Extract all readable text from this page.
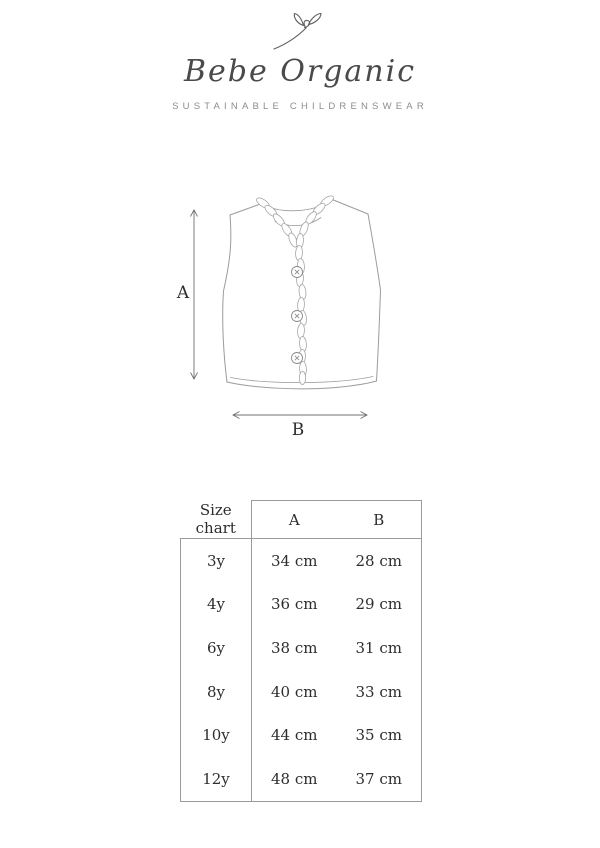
Bebe Organic
SUSTAINABLE CHILDRENSWEAR
A
B
Size chart	A	B
3y	34 cm	28 cm
4y	36 cm	29 cm
6y	38 cm	31 cm
8y	40 cm	33 cm
10y	44 cm	35 cm
12y	48 cm	37 cm
